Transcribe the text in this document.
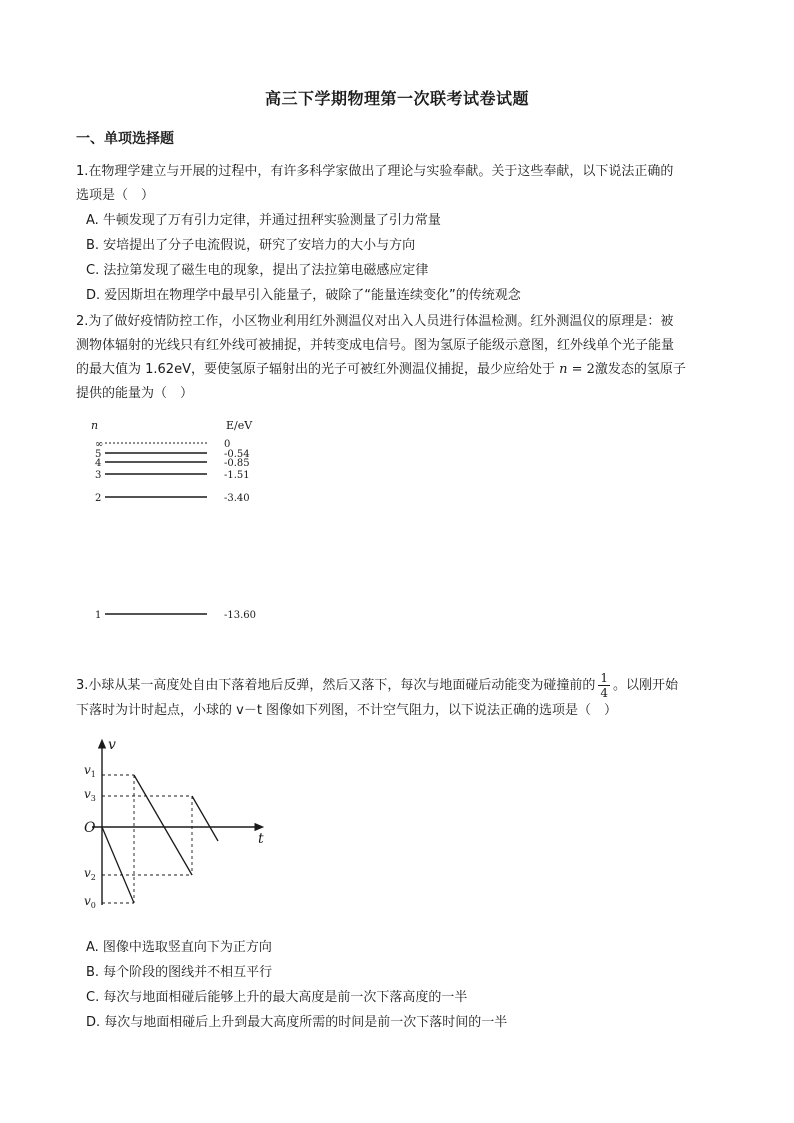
高三下学期物理第一次联考试卷试题
一、单项选择题
1.在物理学建立与开展的过程中，有许多科学家做出了理论与实验奉献。关于这些奉献，以下说法正确的
选项是（　）
A. 牛顿发现了万有引力定律，并通过扭秤实验测量了引力常量
B. 安培提出了分子电流假说，研究了安培力的大小与方向
C. 法拉第发现了磁生电的现象，提出了法拉第电磁感应定律
D. 爱因斯坦在物理学中最早引入能量子，破除了“能量连续变化”的传统观念
2.为了做好疫情防控工作，小区物业利用红外测温仪对出入人员进行体温检测。红外测温仪的原理是：被
测物体辐射的光线只有红外线可被捕捉，并转变成电信号。图为氢原子能级示意图，红外线单个光子能量
的最大值为 1.62eV，要使氢原子辐射出的光子可被红外测温仪捕捉，最少应给处于 n = 2激发态的氢原子
提供的能量为（　）
n	E/eV
∞	0
5	-0.54
4	-0.85
3	-1.51
2	-3.40
1	-13.60
3.小球从某一高度处自由下落着地后反弹，然后又落下，每次与地面碰后动能变为碰撞前的 $\frac{1}{4}$ 。以刚开始
下落时为计时起点，小球的 v－t 图像如下列图，不计空气阻力，以下说法正确的选项是（　）
v
t
O
$v_1$
$v_3$
$v_2$
$v_0$
A. 图像中选取竖直向下为正方向
B. 每个阶段的图线并不相互平行
C. 每次与地面相碰后能够上升的最大高度是前一次下落高度的一半
D. 每次与地面相碰后上升到最大高度所需的时间是前一次下落时间的一半
